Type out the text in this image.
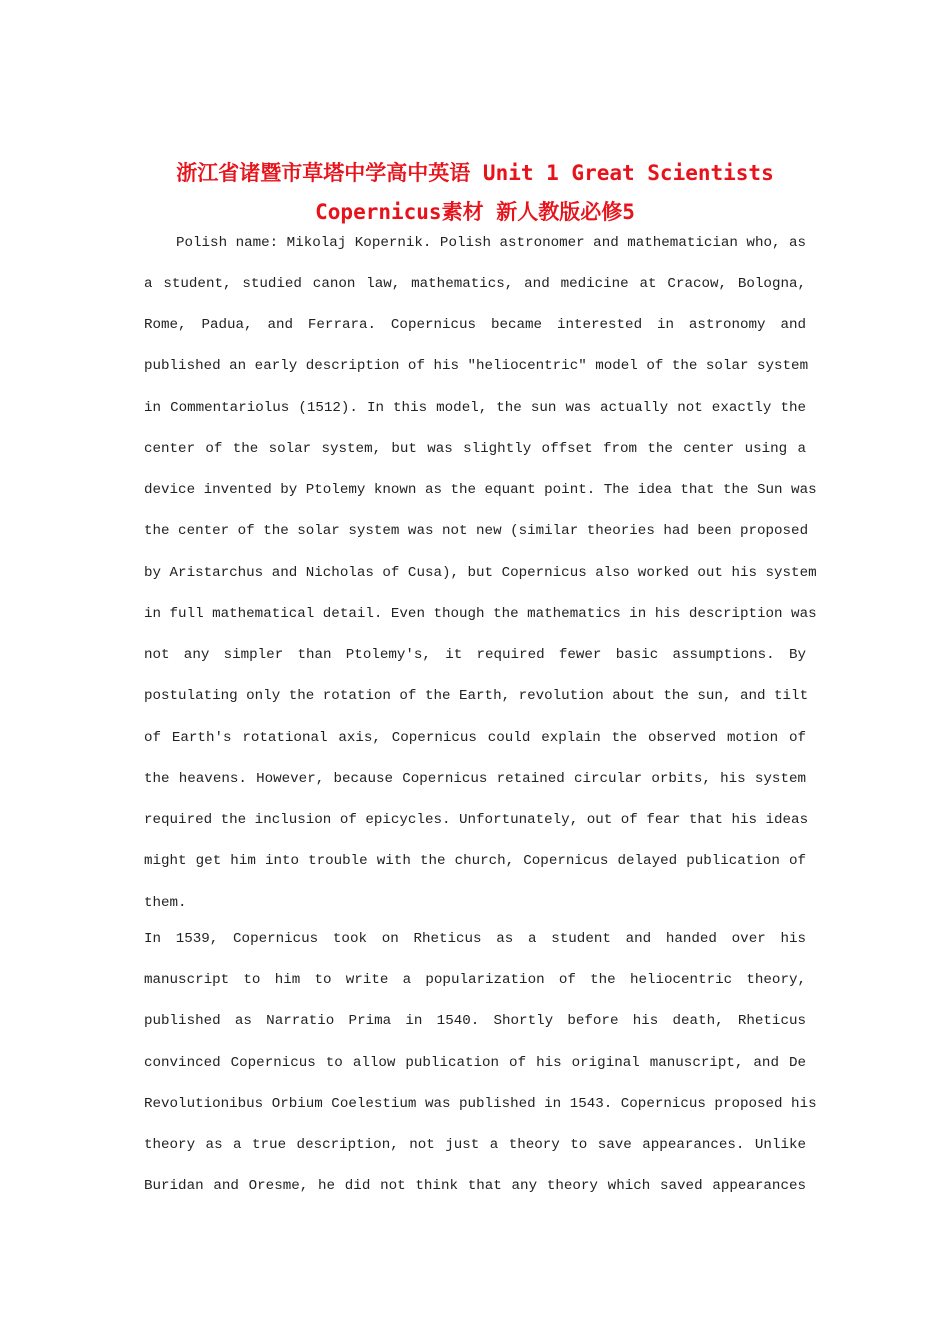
浙江省诸暨市草塔中学高中英语 Unit 1 Great Scientists
Copernicus素材 新人教版必修5
Polish name: Mikolaj Kopernik. Polish astronomer and mathematician who, as
a student, studied canon law, mathematics, and medicine at Cracow, Bologna,
Rome, Padua, and Ferrara. Copernicus became interested in astronomy and
published an early description of his "heliocentric" model of the solar system
in Commentariolus (1512). In this model, the sun was actually not exactly the
center of the solar system, but was slightly offset from the center using a
device invented by Ptolemy known as the equant point. The idea that the Sun was
the center of the solar system was not new (similar theories had been proposed
by Aristarchus and Nicholas of Cusa), but Copernicus also worked out his system
in full mathematical detail. Even though the mathematics in his description was
not any simpler than Ptolemy's, it required fewer basic assumptions. By
postulating only the rotation of the Earth, revolution about the sun, and tilt
of Earth's rotational axis, Copernicus could explain the observed motion of
the heavens. However, because Copernicus retained circular orbits, his system
required the inclusion of epicycles. Unfortunately, out of fear that his ideas
might get him into trouble with the church, Copernicus delayed publication of
them.
In 1539, Copernicus took on Rheticus as a student and handed over his
manuscript to him to write a popularization of the heliocentric theory,
published as Narratio Prima in 1540. Shortly before his death, Rheticus
convinced Copernicus to allow publication of his original manuscript, and De
Revolutionibus Orbium Coelestium was published in 1543. Copernicus proposed his
theory as a true description, not just a theory to save appearances. Unlike
Buridan and Oresme, he did not think that any theory which saved appearances
